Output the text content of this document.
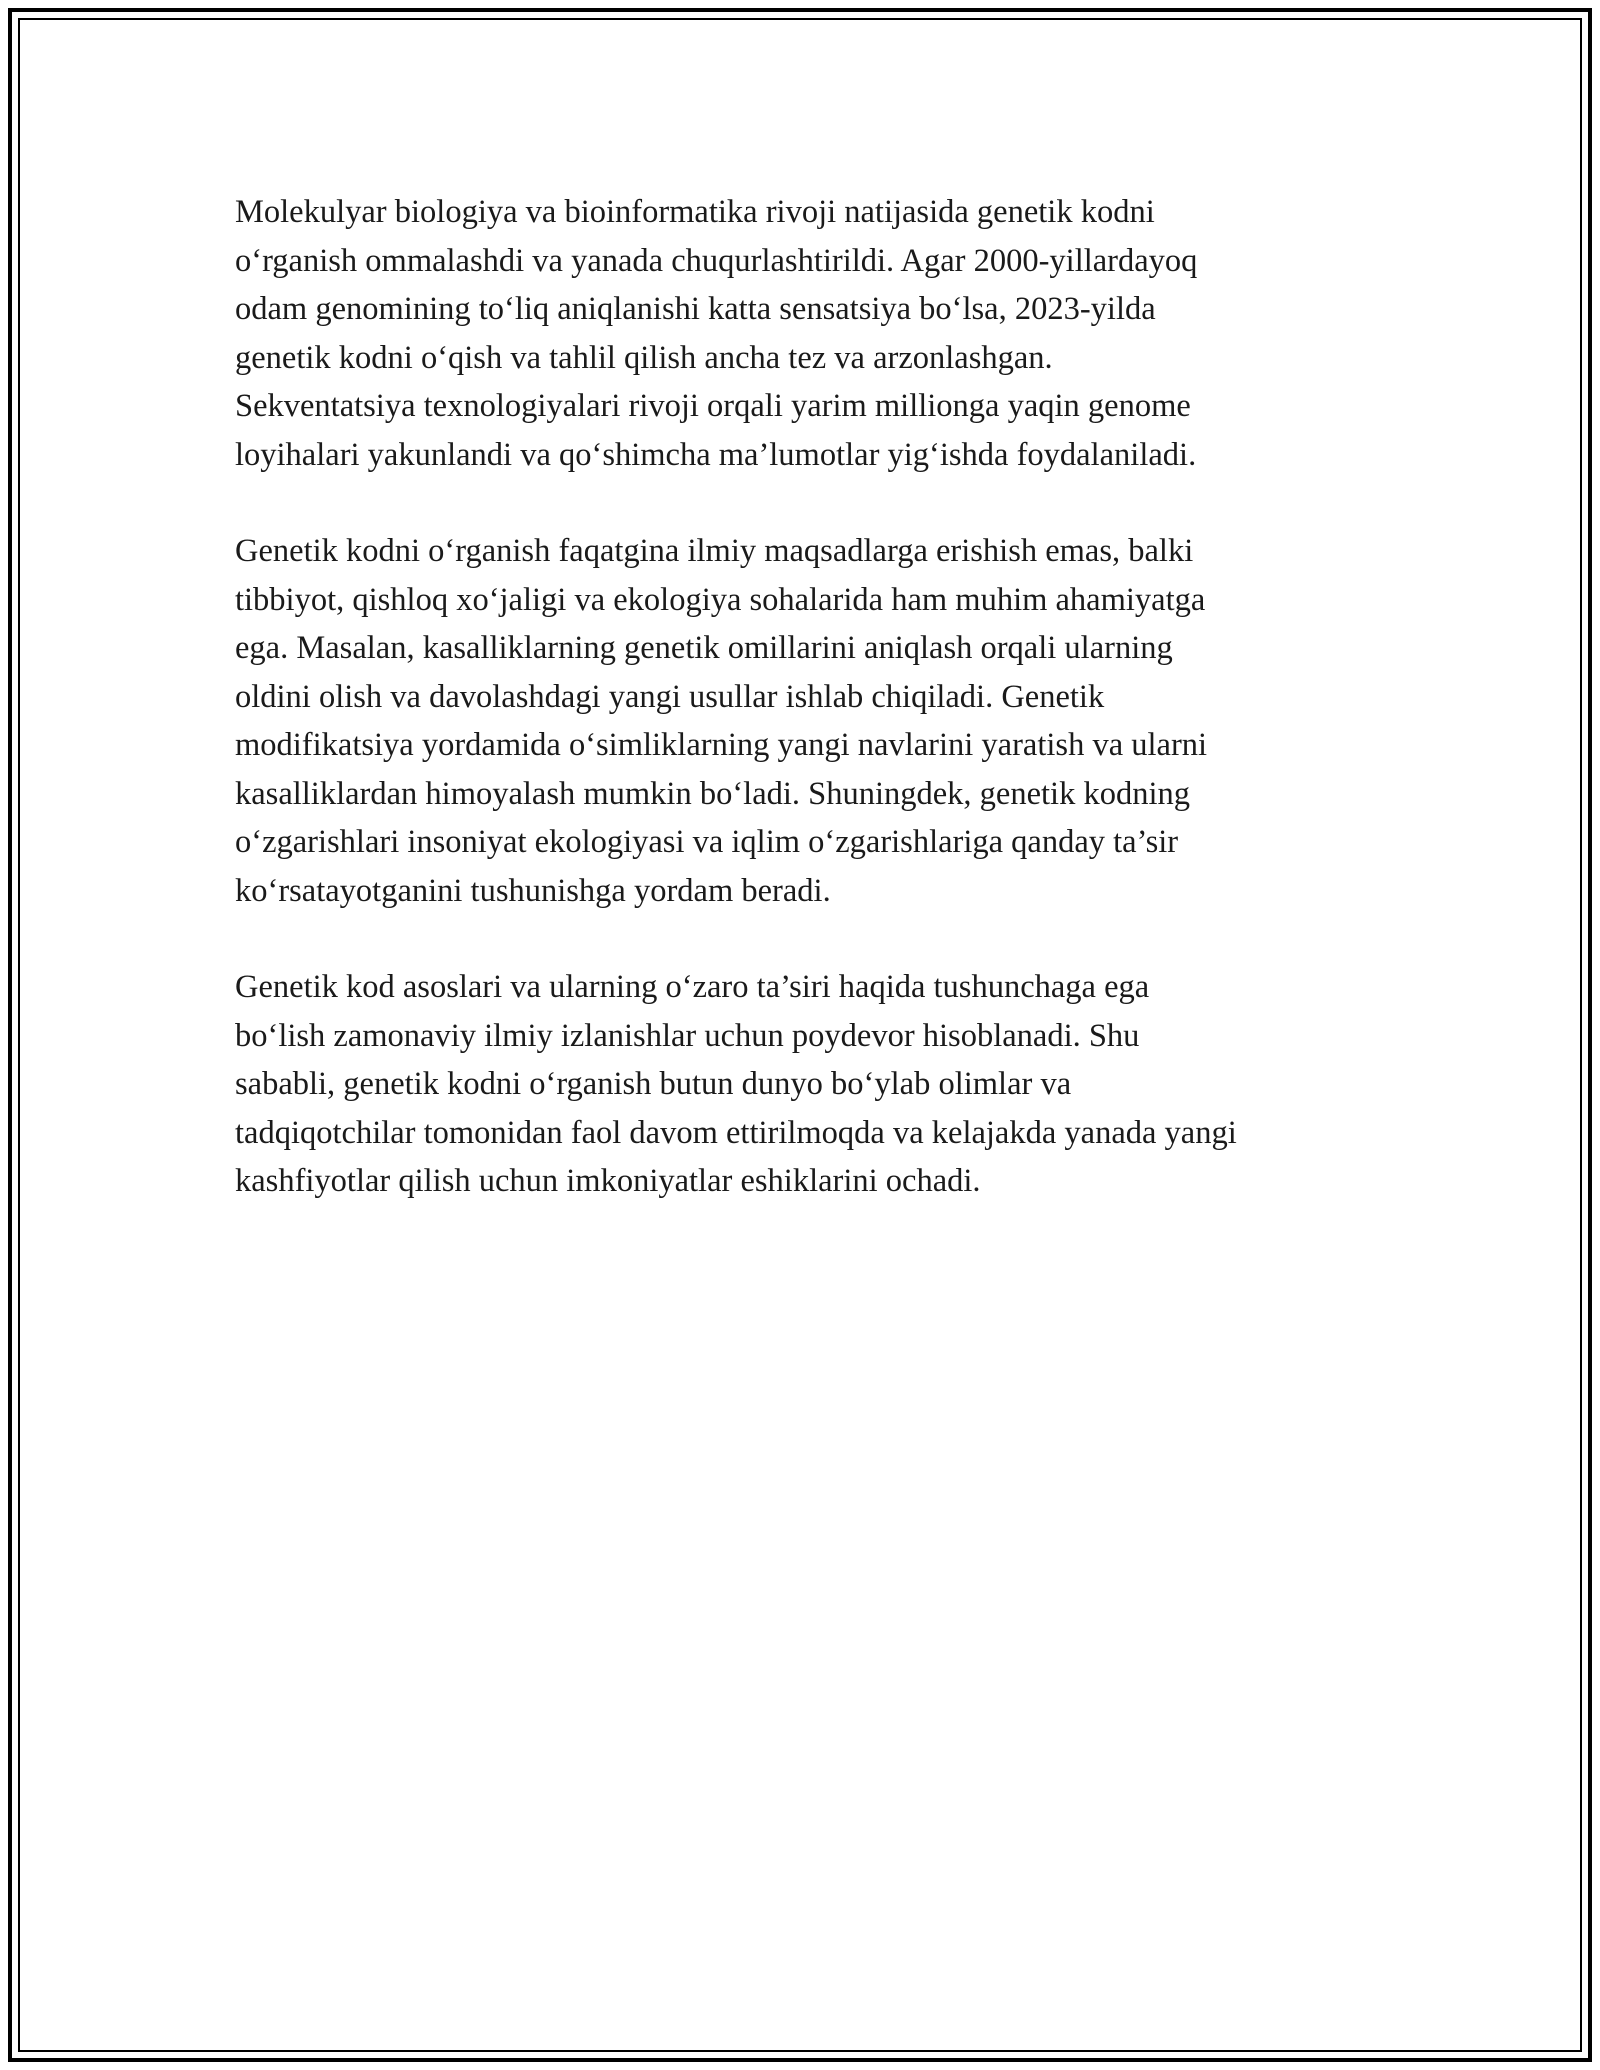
Molekulyar biologiya va bioinformatika rivoji natijasida genetik kodni
o‘rganish ommalashdi va yanada chuqurlashtirildi. Agar 2000-yillardayoq
odam genomining to‘liq aniqlanishi katta sensatsiya bo‘lsa, 2023-yilda
genetik kodni o‘qish va tahlil qilish ancha tez va arzonlashgan.
Sekventatsiya texnologiyalari rivoji orqali yarim millionga yaqin genome
loyihalari yakunlandi va qo‘shimcha ma’lumotlar yig‘ishda foydalaniladi.

Genetik kodni o‘rganish faqatgina ilmiy maqsadlarga erishish emas, balki
tibbiyot, qishloq xo‘jaligi va ekologiya sohalarida ham muhim ahamiyatga
ega. Masalan, kasalliklarning genetik omillarini aniqlash orqali ularning
oldini olish va davolashdagi yangi usullar ishlab chiqiladi. Genetik
modifikatsiya yordamida o‘simliklarning yangi navlarini yaratish va ularni
kasalliklardan himoyalash mumkin bo‘ladi. Shuningdek, genetik kodning
o‘zgarishlari insoniyat ekologiyasi va iqlim o‘zgarishlariga qanday ta’sir
ko‘rsatayotganini tushunishga yordam beradi.

Genetik kod asoslari va ularning o‘zaro ta’siri haqida tushunchaga ega
bo‘lish zamonaviy ilmiy izlanishlar uchun poydevor hisoblanadi. Shu
sababli, genetik kodni o‘rganish butun dunyo bo‘ylab olimlar va
tadqiqotchilar tomonidan faol davom ettirilmoqda va kelajakda yanada yangi
kashfiyotlar qilish uchun imkoniyatlar eshiklarini ochadi.
